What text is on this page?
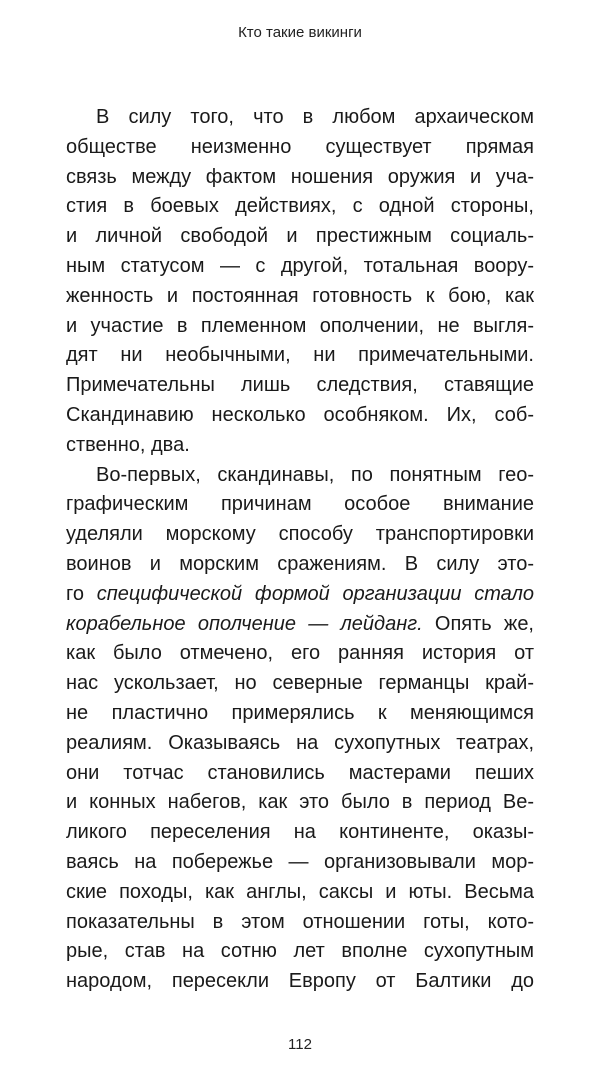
Кто такие викинги
В силу того, что в любом архаическом
обществе неизменно существует прямая
связь между фактом ношения оружия и уча-
стия в боевых действиях, с одной стороны,
и личной свободой и престижным социаль-
ным статусом — с другой, тотальная воору-
женность и постоянная готовность к бою, как
и участие в племенном ополчении, не выгля-
дят ни необычными, ни примечательными.
Примечательны лишь следствия, ставящие
Скандинавию несколько особняком. Их, соб-
ственно, два.
Во-первых, скандинавы, по понятным гео-
графическим причинам особое внимание
уделяли морскому способу транспортировки
воинов и морским сражениям. В силу это-
го специфической формой организации стало
корабельное ополчение — лейданг. Опять же,
как было отмечено, его ранняя история от
нас ускользает, но северные германцы край-
не пластично примерялись к меняющимся
реалиям. Оказываясь на сухопутных театрах,
они тотчас становились мастерами пеших
и конных набегов, как это было в период Ве-
ликого переселения на континенте, оказы-
ваясь на побережье — организовывали мор-
ские походы, как англы, саксы и юты. Весьма
показательны в этом отношении готы, кото-
рые, став на сотню лет вполне сухопутным
народом, пересекли Европу от Балтики до
112
